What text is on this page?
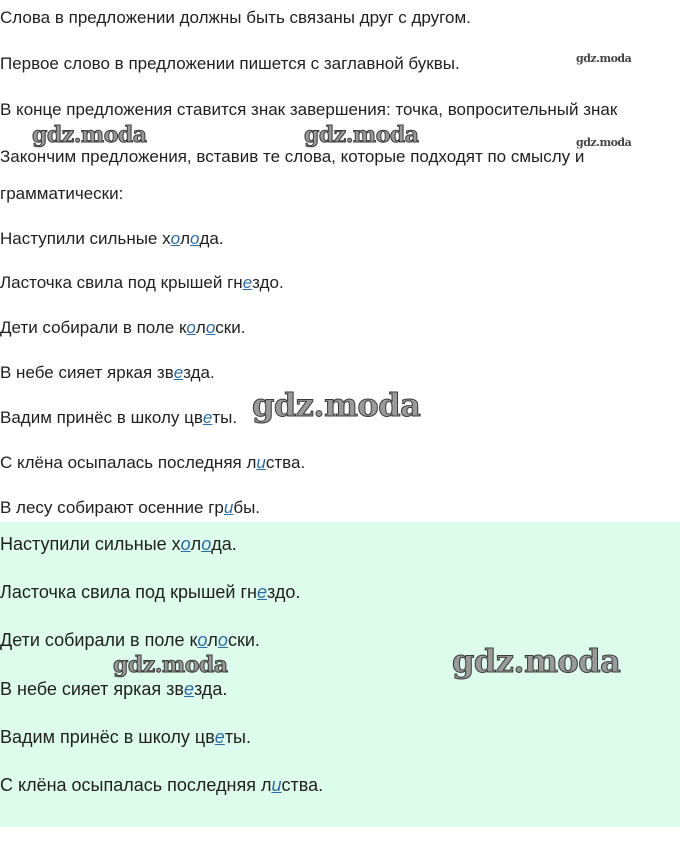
Слова в предложении должны быть связаны друг с другом.
Первое слово в предложении пишется с заглавной буквы.
В конце предложения ставится знак завершения: точка, вопросительный знак
Закончим предложения, вставив те слова, которые подходят по смыслу и
грамматически:
Наступили сильные холода.
Ласточка свила под крышей гнездо.
Дети собирали в поле колоски.
В небе сияет яркая звезда.
Вадим принёс в школу цветы.
С клёна осыпалась последняя листва.
В лесу собирают осенние грибы.
Наступили сильные холода.
Ласточка свила под крышей гнездо.
Дети собирали в поле колоски.
В небе сияет яркая звезда.
Вадим принёс в школу цветы.
С клёна осыпалась последняя листва.
gdz.moda
gdz.moda	gdz.moda	gdz.moda
gdz.moda
gdz.moda	gdz.moda
